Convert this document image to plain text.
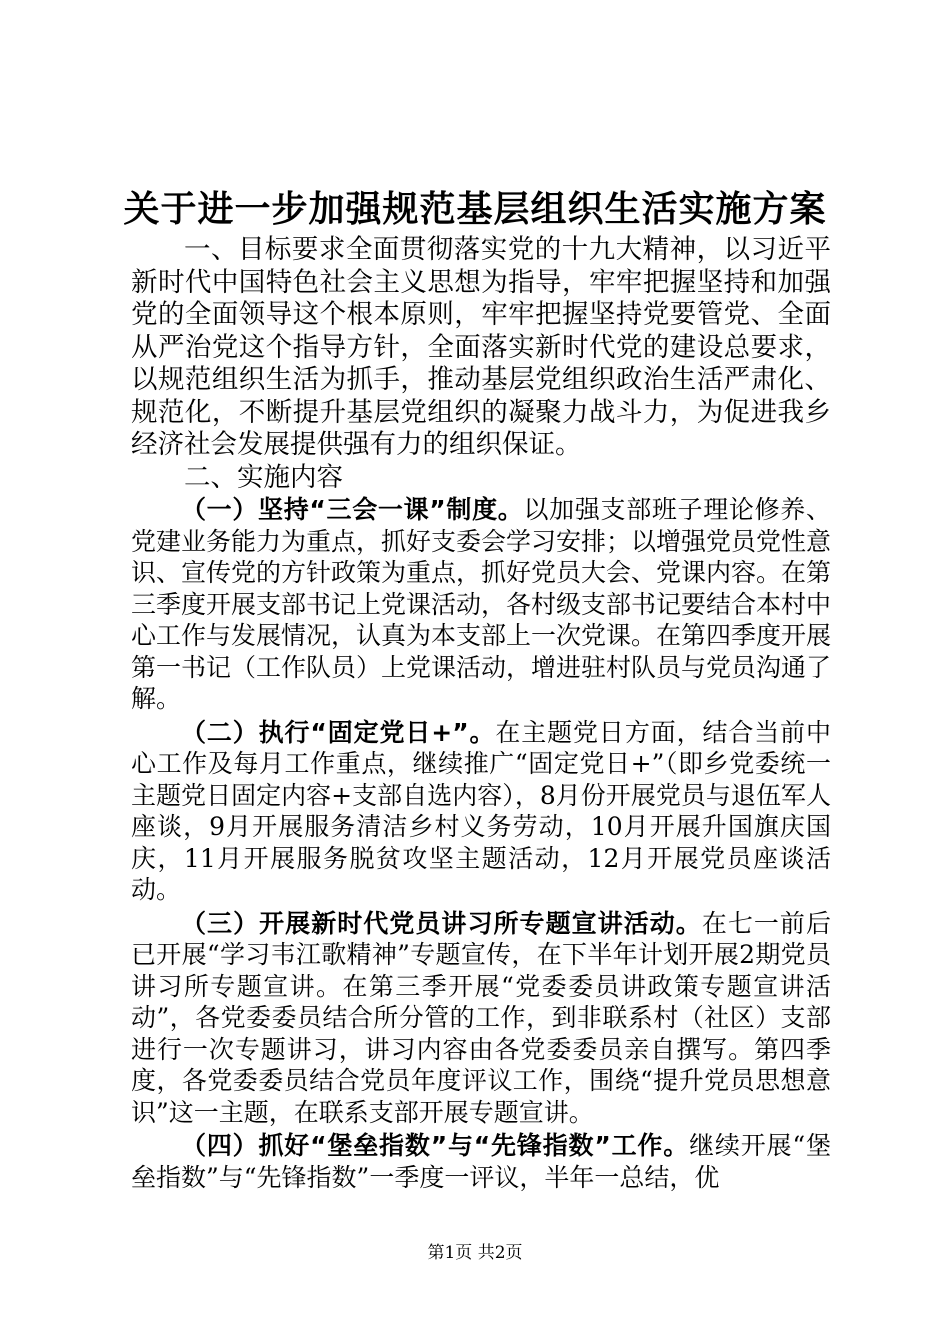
关于进一步加强规范基层组织生活实施方案

一、目标要求全面贯彻落实党的十九大精神，以习近平新时代中国特色社会主义思想为指导，牢牢把握坚持和加强党的全面领导这个根本原则，牢牢把握坚持党要管党、全面从严治党这个指导方针，全面落实新时代党的建设总要求，以规范组织生活为抓手，推动基层党组织政治生活严肃化、规范化，不断提升基层党组织的凝聚力战斗力，为促进我乡经济社会发展提供强有力的组织保证。

二、实施内容

（一）坚持“三会一课”制度。以加强支部班子理论修养、党建业务能力为重点，抓好支委会学习安排；以增强党员党性意识、宣传党的方针政策为重点，抓好党员大会、党课内容。在第三季度开展支部书记上党课活动，各村级支部书记要结合本村中心工作与发展情况，认真为本支部上一次党课。在第四季度开展第一书记（工作队员）上党课活动，增进驻村队员与党员沟通了解。

（二）执行“固定党日+”。在主题党日方面，结合当前中心工作及每月工作重点，继续推广“固定党日+”（即乡党委统一主题党日固定内容+支部自选内容），8月份开展党员与退伍军人座谈，9月开展服务清洁乡村义务劳动，10月开展升国旗庆国庆，11月开展服务脱贫攻坚主题活动，12月开展党员座谈活动。

（三）开展新时代党员讲习所专题宣讲活动。在七一前后已开展“学习韦江歌精神”专题宣传，在下半年计划开展2期党员讲习所专题宣讲。在第三季开展“党委委员讲政策专题宣讲活动”，各党委委员结合所分管的工作，到非联系村（社区）支部进行一次专题讲习，讲习内容由各党委委员亲自撰写。第四季度，各党委委员结合党员年度评议工作，围绕“提升党员思想意识”这一主题，在联系支部开展专题宣讲。

（四）抓好“堡垒指数”与“先锋指数”工作。继续开展“堡垒指数”与“先锋指数”一季度一评议，半年一总结，优

第1页 共2页
